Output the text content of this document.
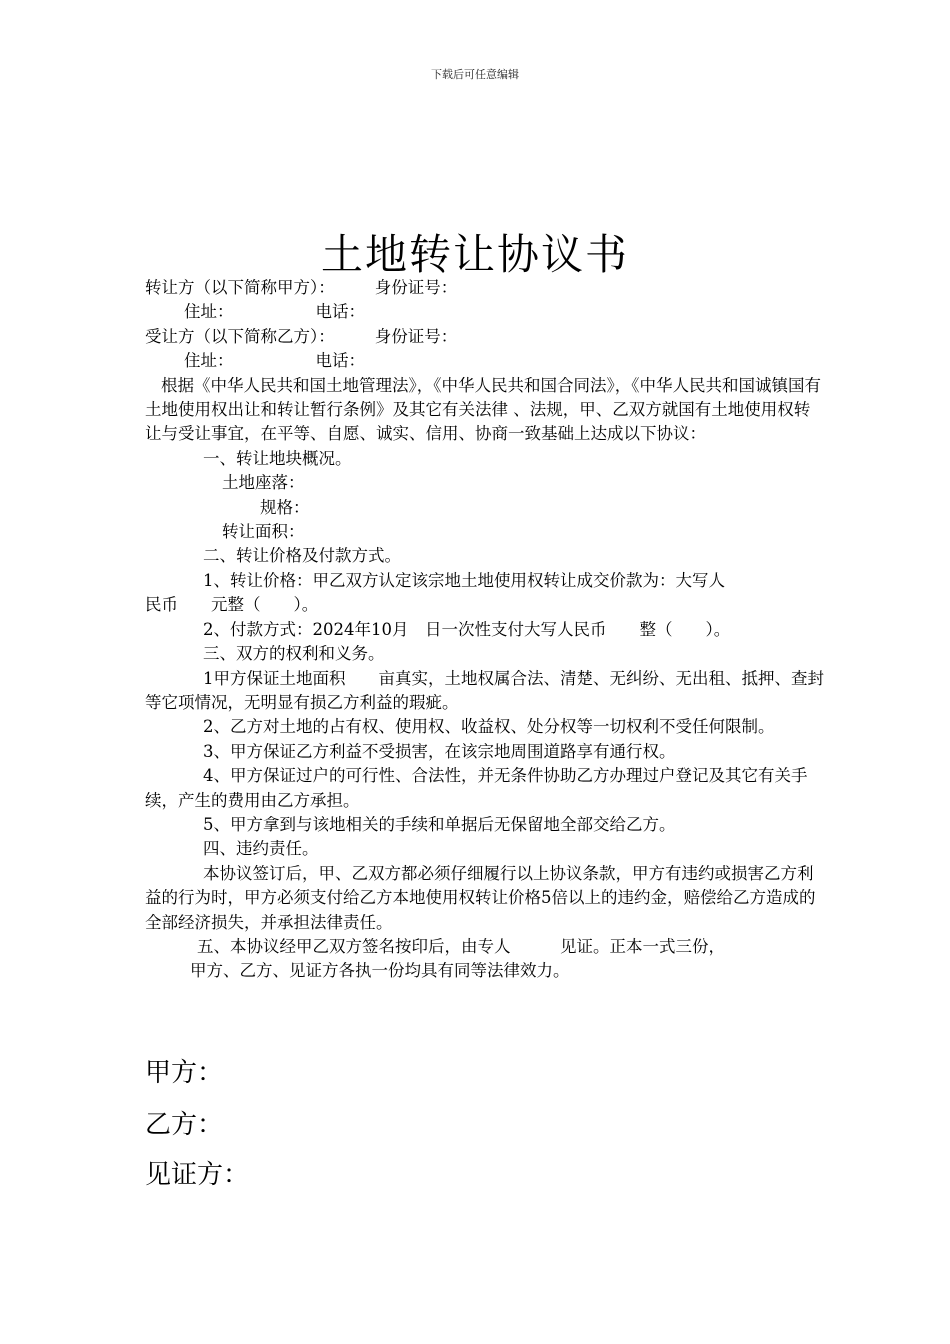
下载后可任意编辑
土地转让协议书
转让方（以下简称甲方）： 身份证号：
住址：	电话：
受让方（以下简称乙方）： 身份证号：
住址：	电话：
根据《中华人民共和国土地管理法》，《中华人民共和国合同法》，《中华人民共和国诚镇国有土地使用权出让和转让暂行条例》及其它有关法律 、法规，甲、乙双方就国有土地使用权转让与受让事宜，在平等、自愿、诚实、信用、协商一致基础上达成以下协议：
一、转让地块概况。
土地座落：
规格：
转让面积：
二、转让价格及付款方式。
1、转让价格：甲乙双方认定该宗地土地使用权转让成交价款为：大写人
民币　　元整（　　）。
2、付款方式：2024年10月　日一次性支付大写人民币　　整（　　）。
三、双方的权利和义务。
1甲方保证土地面积　　亩真实，土地权属合法、清楚、无纠纷、无出租、抵押、查封等它项情况，无明显有损乙方利益的瑕疵。
2、乙方对土地的占有权、使用权、收益权、处分权等一切权利不受任何限制。
3、甲方保证乙方利益不受损害，在该宗地周围道路享有通行权。
4、甲方保证过户的可行性、合法性，并无条件协助乙方办理过户登记及其它有关手续，产生的费用由乙方承担。
5、甲方拿到与该地相关的手续和单据后无保留地全部交给乙方。
四、违约责任。
本协议签订后，甲、乙双方都必须仔细履行以上协议条款，甲方有违约或损害乙方利益的行为时，甲方必须支付给乙方本地使用权转让价格5倍以上的违约金，赔偿给乙方造成的全部经济损失，并承担法律责任。
五、本协议经甲乙双方签名按印后，由专人　　　见证。正本一式三份，
甲方、乙方、见证方各执一份均具有同等法律效力。
甲方：
乙方：
见证方：
